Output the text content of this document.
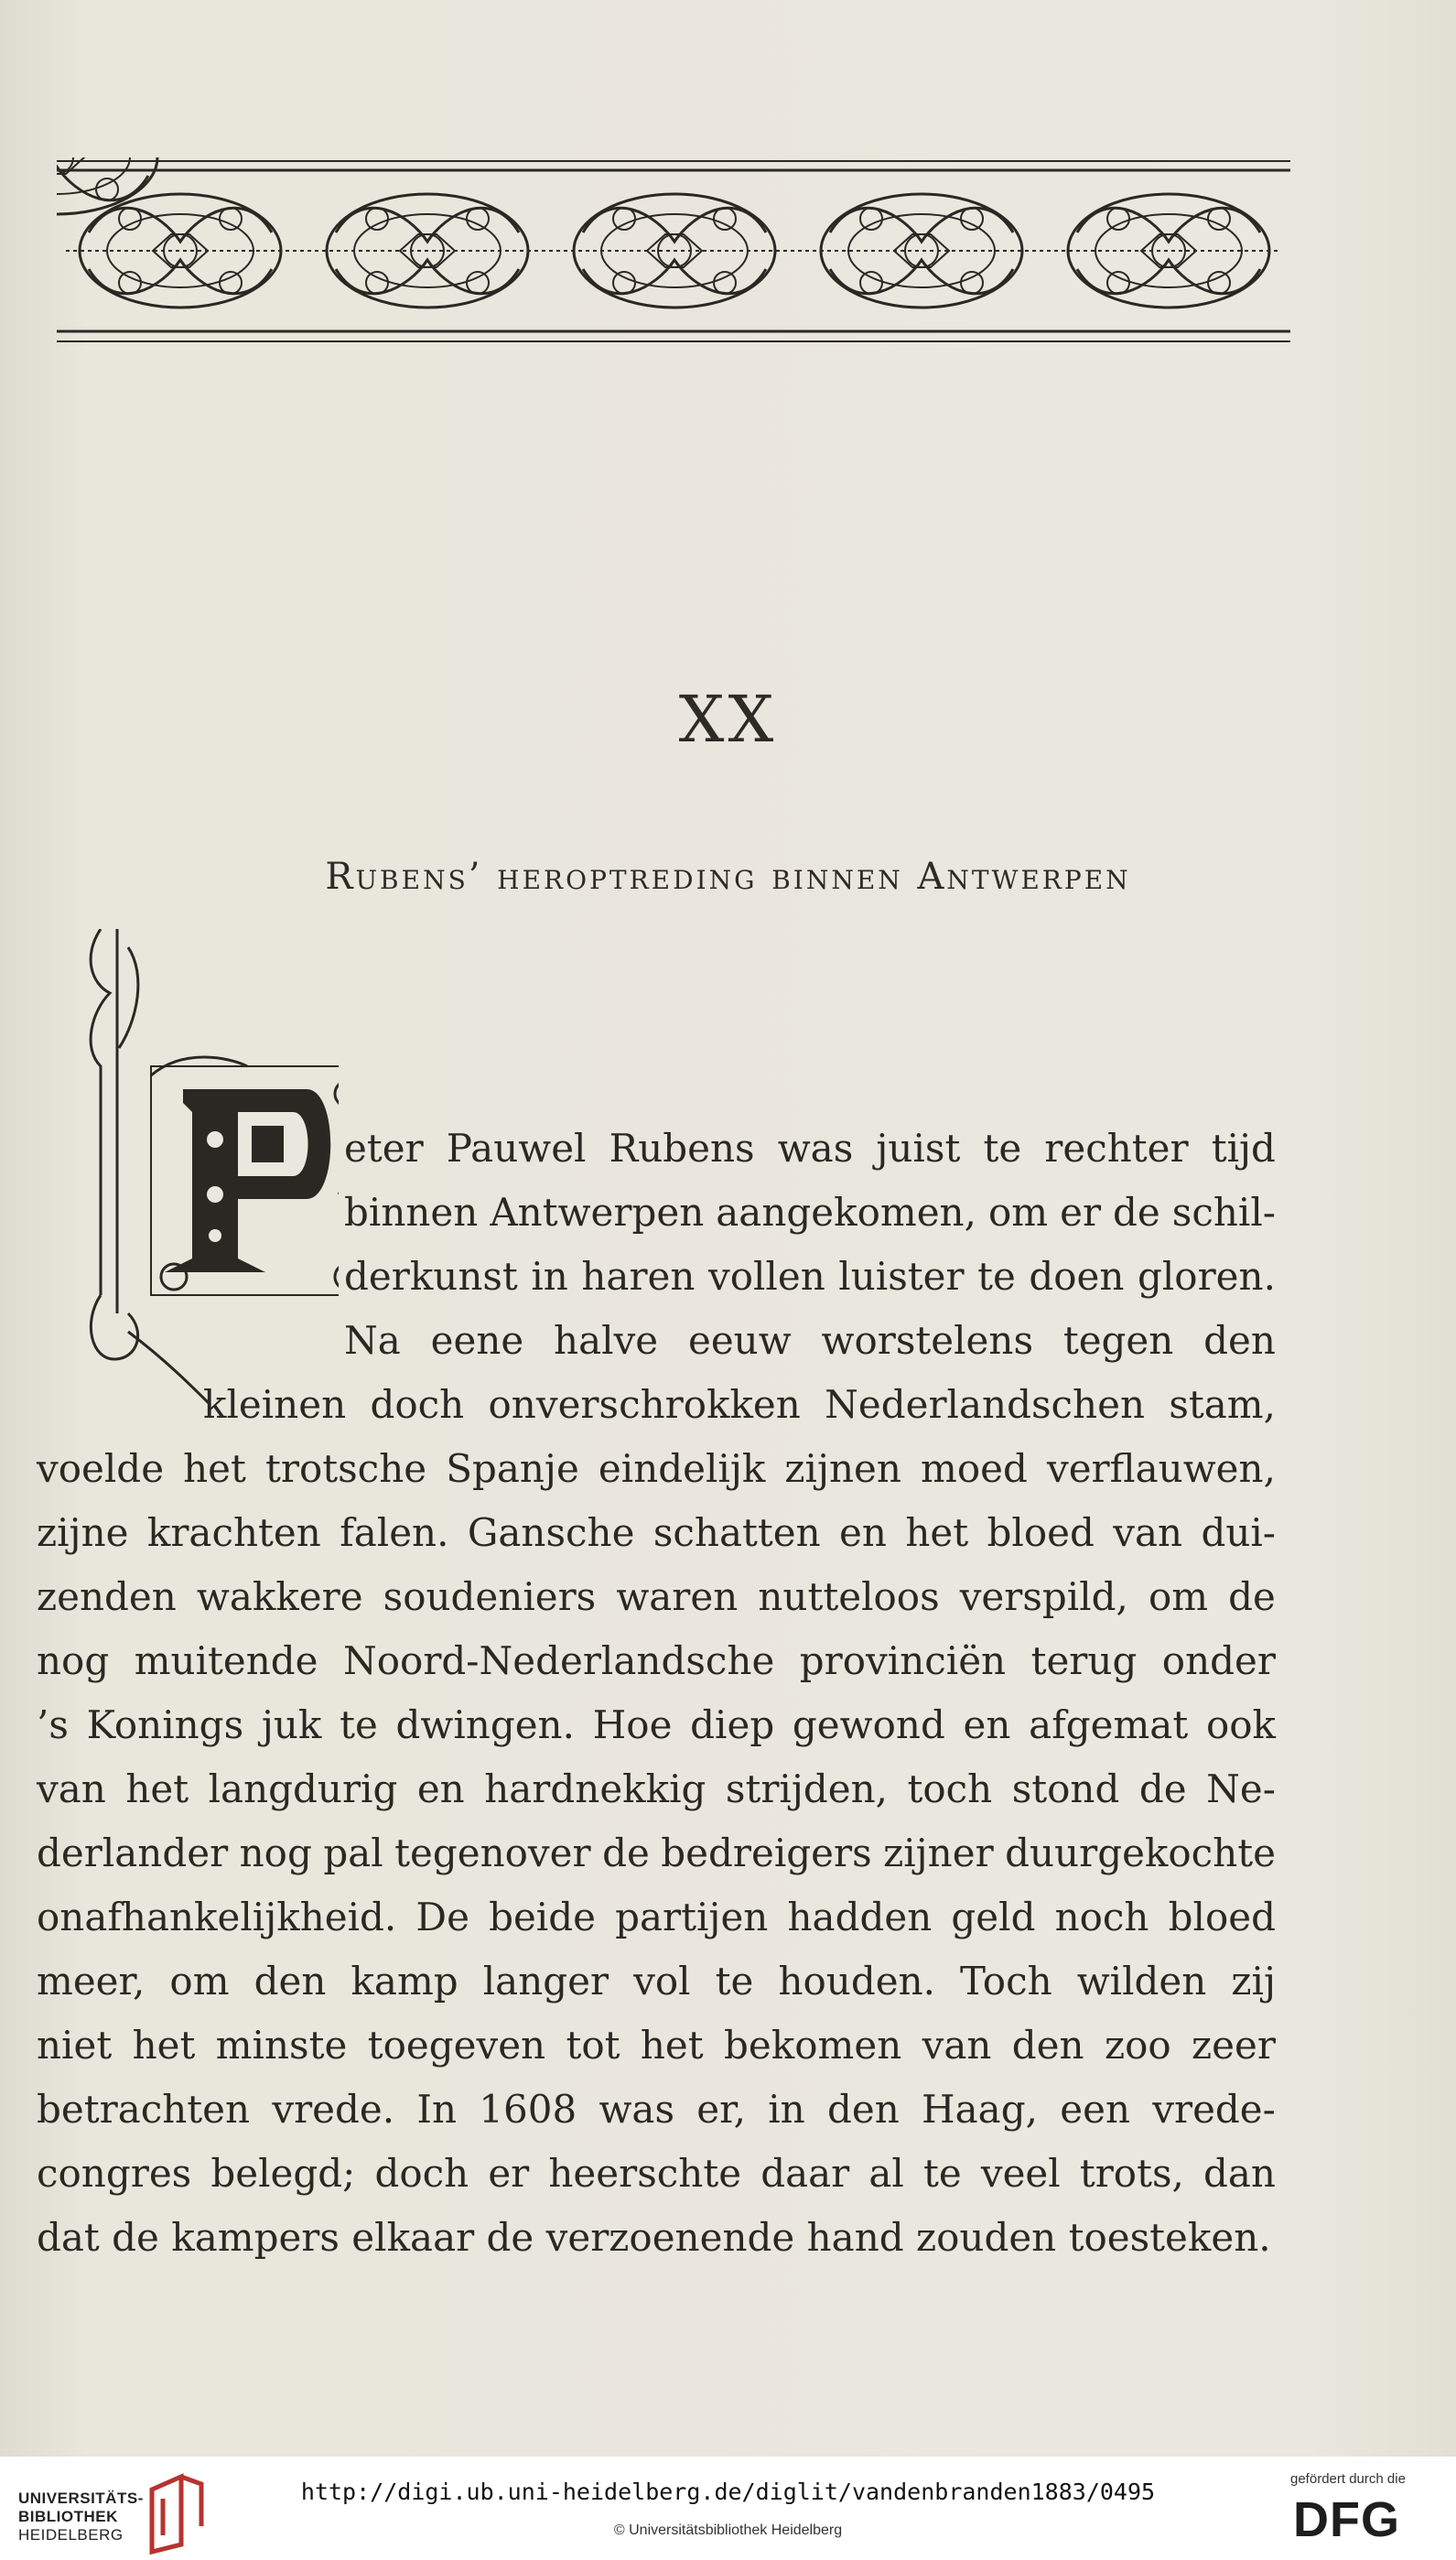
XX
Rubens’ heroptreding binnen Antwerpen
P
eter Pauwel Rubens was juist te rechter tijd
binnen Antwerpen aangekomen, om er de schil-
derkunst in haren vollen luister te doen gloren.
Na eene halve eeuw worstelens tegen den
kleinen doch onverschrokken Nederlandschen stam,
voelde het trotsche Spanje eindelijk zijnen moed verflauwen,
zijne krachten falen. Gansche schatten en het bloed van dui-
zenden wakkere soudeniers waren nutteloos verspild, om de
nog muitende Noord-Nederlandsche provinciën terug onder
’s Konings juk te dwingen. Hoe diep gewond en afgemat ook
van het langdurig en hardnekkig strijden, toch stond de Ne-
derlander nog pal tegenover de bedreigers zijner duurgekochte
onafhankelijkheid. De beide partijen hadden geld noch bloed
meer, om den kamp langer vol te houden. Toch wilden zij
niet het minste toegeven tot het bekomen van den zoo zeer
betrachten vrede. In 1608 was er, in den Haag, een vrede-
congres belegd; doch er heerschte daar al te veel trots, dan
dat de kampers elkaar de verzoenende hand zouden toesteken.
UNIVERSITÄTS-
BIBLIOTHEK
HEIDELBERG
http://digi.ub.uni-heidelberg.de/diglit/vandenbranden1883/0495
© Universitätsbibliothek Heidelberg
gefördert durch die
DFG
